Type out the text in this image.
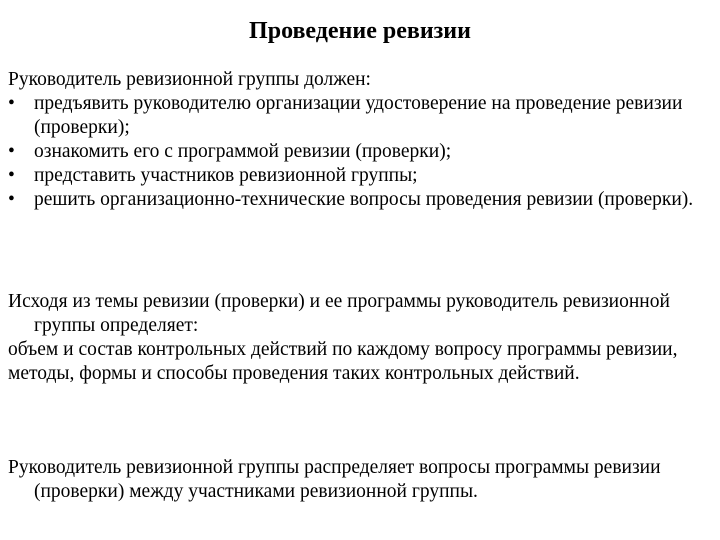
Проведение ревизии

Руководитель ревизионной группы должен:

• предъявить руководителю организации удостоверение на проведение ревизии (проверки);
• ознакомить его с программой ревизии (проверки);
• представить участников ревизионной группы;
• решить организационно-технические вопросы проведения ревизии (проверки).

Исходя из темы ревизии (проверки) и ее программы руководитель ревизионной группы определяет:

объем и состав контрольных действий по каждому вопросу программы ревизии,

методы, формы и способы проведения таких контрольных действий.

Руководитель ревизионной группы распределяет вопросы программы ревизии (проверки) между участниками ревизионной группы.
